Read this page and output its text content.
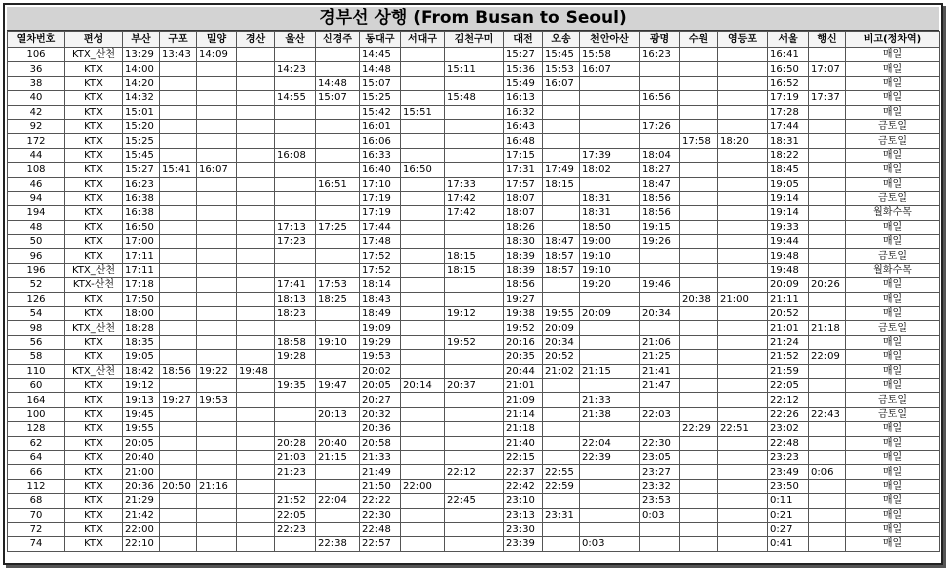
경부선 상행 (From Busan to Seoul)
열차번호	편성	부산	구포	밀양	경산	울산	신경주	동대구	서대구	김천구미	대전	오송	천안아산	광명	수원	영등포	서울	행신	비고(정차역)
106	KTX_산천	13:29	13:43	14:09				14:45			15:27	15:45	15:58	16:23			16:41		매일
36	KTX	14:00				14:23		14:48		15:11	15:36	15:53	16:07				16:50	17:07	매일
38	KTX	14:20					14:48	15:07			15:49	16:07					16:52		매일
40	KTX	14:32				14:55	15:07	15:25		15:48	16:13			16:56			17:19	17:37	매일
42	KTX	15:01						15:42	15:51		16:32						17:28		매일
92	KTX	15:20						16:01			16:43			17:26			17:44		금토일
172	KTX	15:25						16:06			16:48				17:58	18:20	18:31		금토일
44	KTX	15:45				16:08		16:33			17:15		17:39	18:04			18:22		매일
108	KTX	15:27	15:41	16:07				16:40	16:50		17:31	17:49	18:02	18:27			18:45		매일
46	KTX	16:23					16:51	17:10		17:33	17:57	18:15		18:47			19:05		매일
94	KTX	16:38						17:19		17:42	18:07		18:31	18:56			19:14		금토일
194	KTX	16:38						17:19		17:42	18:07		18:31	18:56			19:14		월화수목
48	KTX	16:50				17:13	17:25	17:44			18:26		18:50	19:15			19:33		매일
50	KTX	17:00				17:23		17:48			18:30	18:47	19:00	19:26			19:44		매일
96	KTX	17:11						17:52		18:15	18:39	18:57	19:10				19:48		금토일
196	KTX_산천	17:11						17:52		18:15	18:39	18:57	19:10				19:48		월화수목
52	KTX-산천	17:18				17:41	17:53	18:14			18:56		19:20	19:46			20:09	20:26	매일
126	KTX	17:50				18:13	18:25	18:43			19:27				20:38	21:00	21:11		매일
54	KTX	18:00				18:23		18:49		19:12	19:38	19:55	20:09	20:34			20:52		매일
98	KTX_산천	18:28						19:09			19:52	20:09					21:01	21:18	금토일
56	KTX	18:35				18:58	19:10	19:29		19:52	20:16	20:34		21:06			21:24		매일
58	KTX	19:05				19:28		19:53			20:35	20:52		21:25			21:52	22:09	매일
110	KTX_산천	18:42	18:56	19:22	19:48			20:02			20:44	21:02	21:15	21:41			21:59		매일
60	KTX	19:12				19:35	19:47	20:05	20:14	20:37	21:01			21:47			22:05		매일
164	KTX	19:13	19:27	19:53				20:27			21:09		21:33				22:12		금토일
100	KTX	19:45					20:13	20:32			21:14		21:38	22:03			22:26	22:43	금토일
128	KTX	19:55						20:36			21:18				22:29	22:51	23:02		매일
62	KTX	20:05				20:28	20:40	20:58			21:40		22:04	22:30			22:48		매일
64	KTX	20:40				21:03	21:15	21:33			22:15		22:39	23:05			23:23		매일
66	KTX	21:00				21:23		21:49		22:12	22:37	22:55		23:27			23:49	0:06	매일
112	KTX	20:36	20:50	21:16				21:50	22:00		22:42	22:59		23:32			23:50		매일
68	KTX	21:29				21:52	22:04	22:22		22:45	23:10			23:53			0:11		매일
70	KTX	21:42				22:05		22:30			23:13	23:31		0:03			0:21		매일
72	KTX	22:00				22:23		22:48			23:30						0:27		매일
74	KTX	22:10					22:38	22:57			23:39		0:03				0:41		매일
